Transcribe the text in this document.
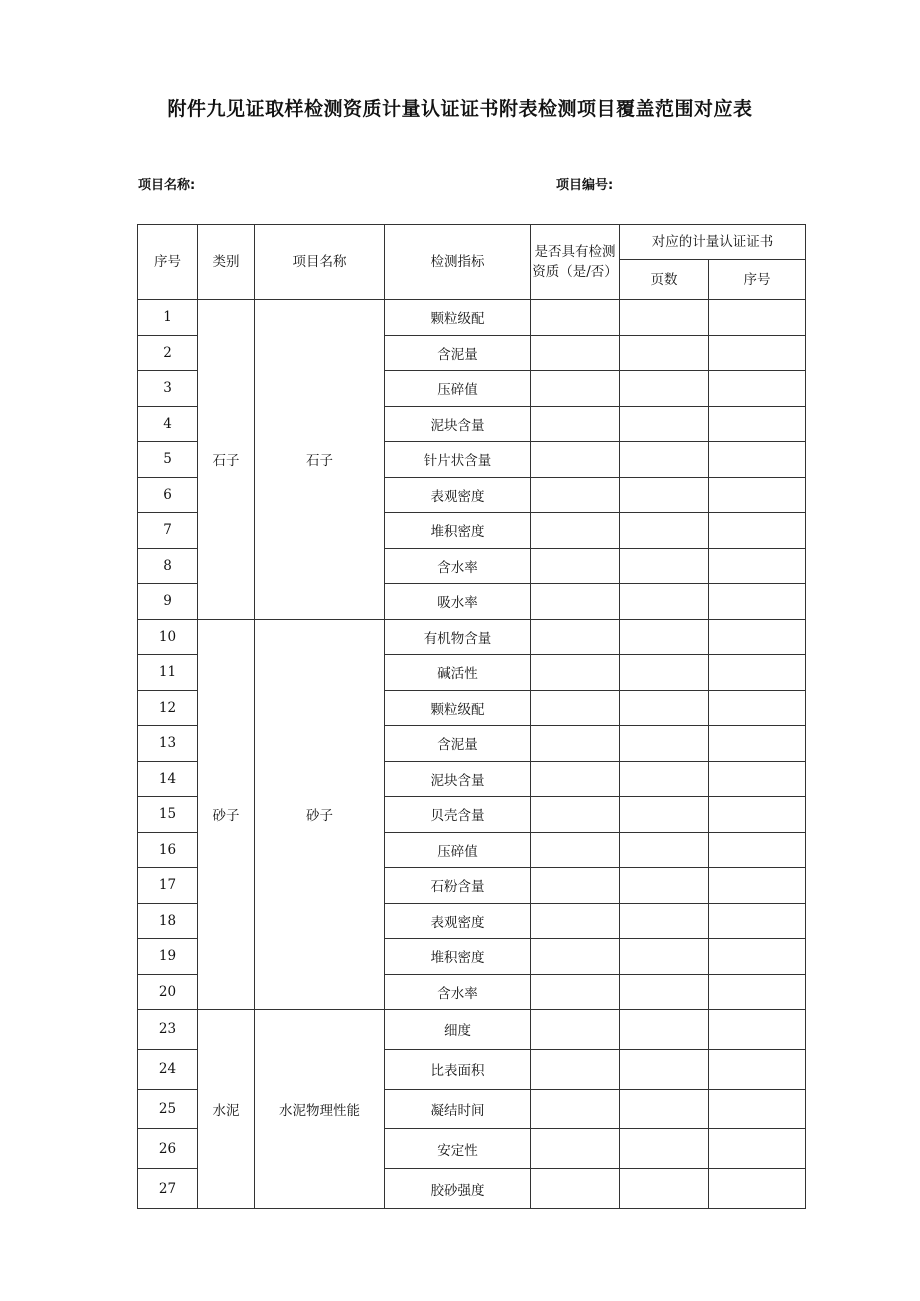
附件九见证取样检测资质计量认证证书附表检测项目覆盖范围对应表
项目名称:	项目编号:
序号	类别	项目名称	检测指标	是否具有检测资质（是/否）	对应的计量认证证书	
					页数	序号
1	石子	石子	颗粒级配			
2			含泥量			
3			压碎值			
4			泥块含量			
5			针片状含量			
6			表观密度			
7			堆积密度			
8			含水率			
9			吸水率			
10	砂子	砂子	有机物含量			
11			碱活性			
12			颗粒级配			
13			含泥量			
14			泥块含量			
15			贝壳含量			
16			压碎值			
17			石粉含量			
18			表观密度			
19			堆积密度			
20			含水率			
23	水泥	水泥物理性能	细度			
24			比表面积			
25			凝结时间			
26			安定性			
27			胶砂强度			
